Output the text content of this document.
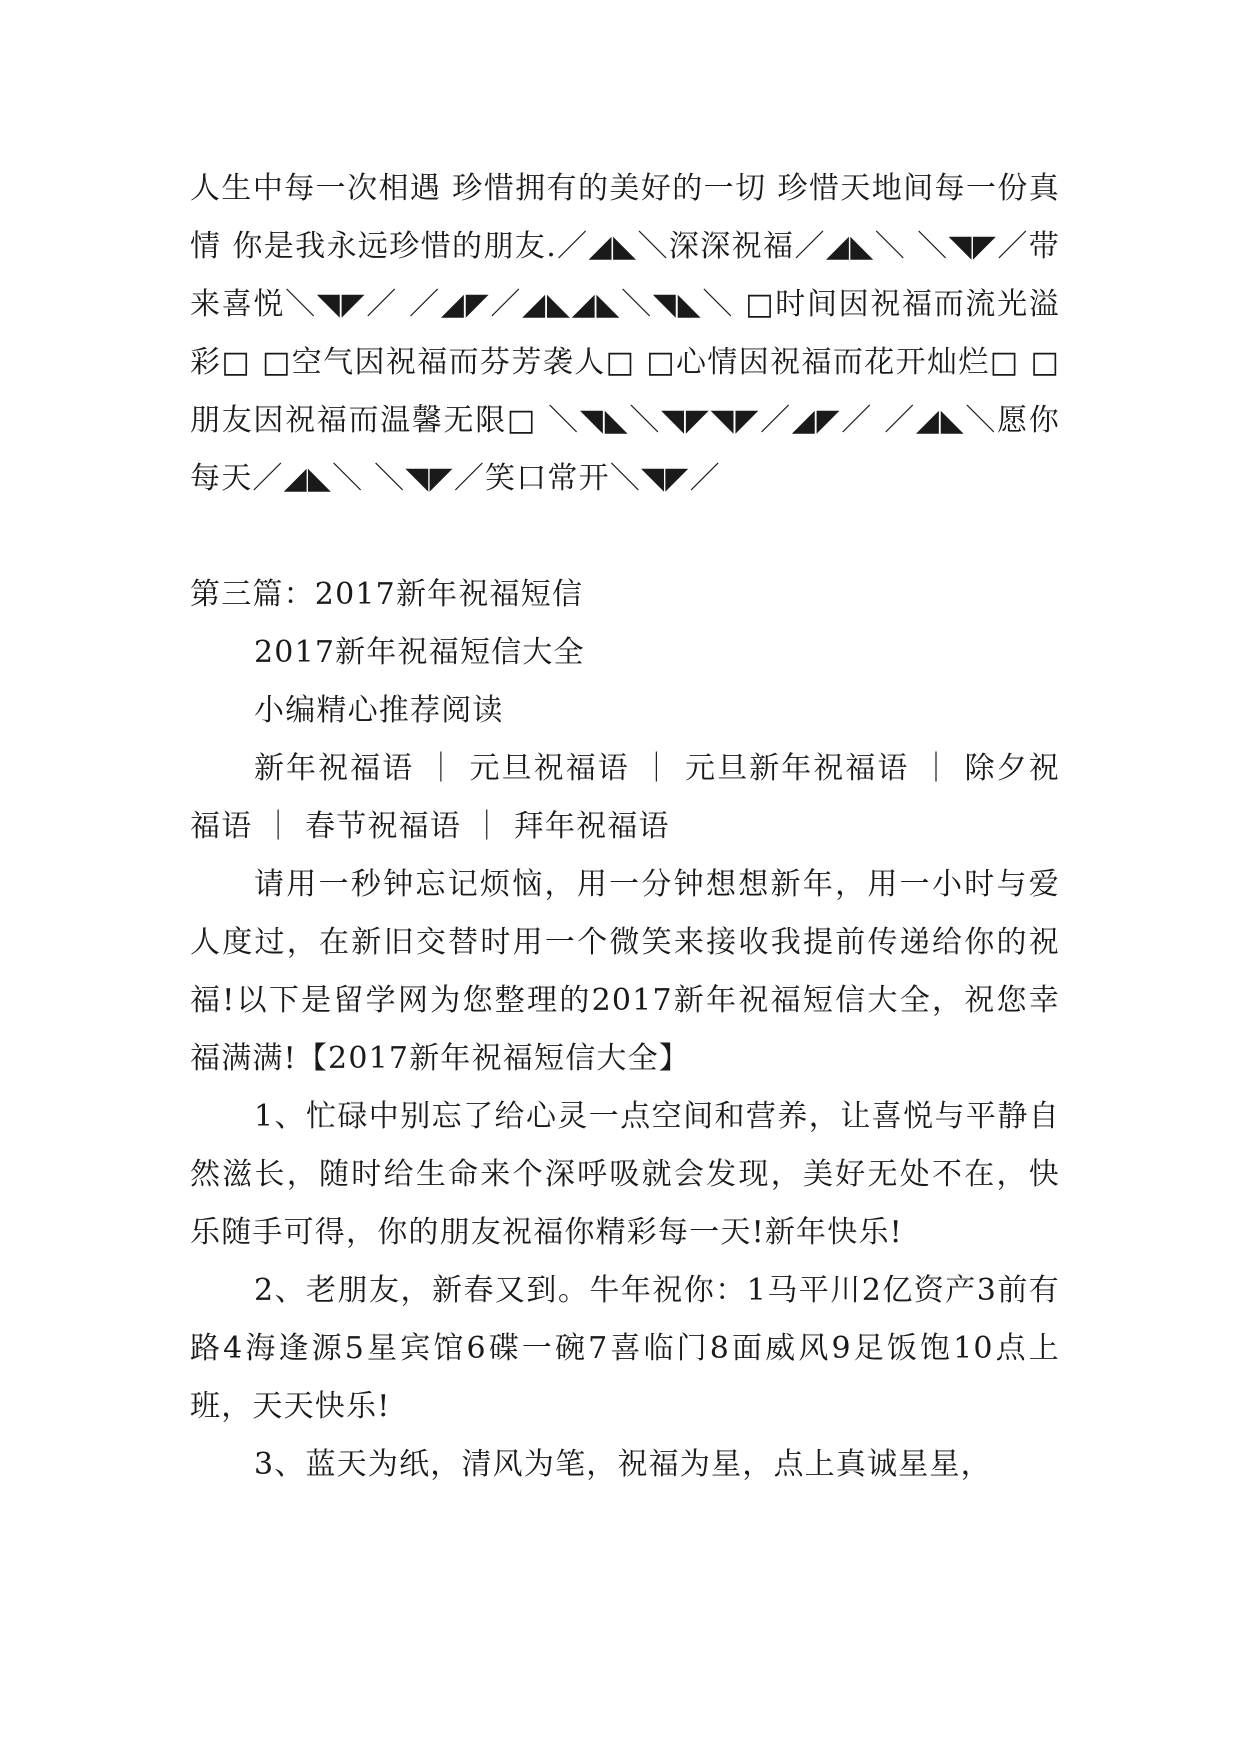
人生中每一次相遇 珍惜拥有的美好的一切 珍惜天地间每一份真情 你是我永远珍惜的朋友.／◢◣＼深深祝福／◢◣＼ ＼◥◤／带来喜悦＼◥◤／ ／◢◤／◢◣◢◣＼◥◣＼ □时间因祝福而流光溢彩□ □空气因祝福而芬芳袭人□ □心情因祝福而花开灿烂□ □朋友因祝福而温馨无限□ ＼◥◣＼◥◤◥◤／◢◤／ ／◢◣＼愿你每天／◢◣＼ ＼◥◤／笑口常开＼◥◤／

第三篇：2017新年祝福短信

2017新年祝福短信大全

小编精心推荐阅读

新年祝福语 ｜ 元旦祝福语 ｜ 元旦新年祝福语 ｜ 除夕祝福语 ｜ 春节祝福语 ｜ 拜年祝福语

请用一秒钟忘记烦恼，用一分钟想想新年，用一小时与爱人度过，在新旧交替时用一个微笑来接收我提前传递给你的祝福!以下是留学网为您整理的2017新年祝福短信大全，祝您幸福满满!【2017新年祝福短信大全】

1、忙碌中别忘了给心灵一点空间和营养，让喜悦与平静自然滋长，随时给生命来个深呼吸就会发现，美好无处不在，快乐随手可得，你的朋友祝福你精彩每一天!新年快乐!

2、老朋友，新春又到。牛年祝你：1马平川2亿资产3前有路4海逢源5星宾馆6碟一碗7喜临门8面威风9足饭饱10点上班，天天快乐!

3、蓝天为纸，清风为笔，祝福为星，点上真诚星星，
